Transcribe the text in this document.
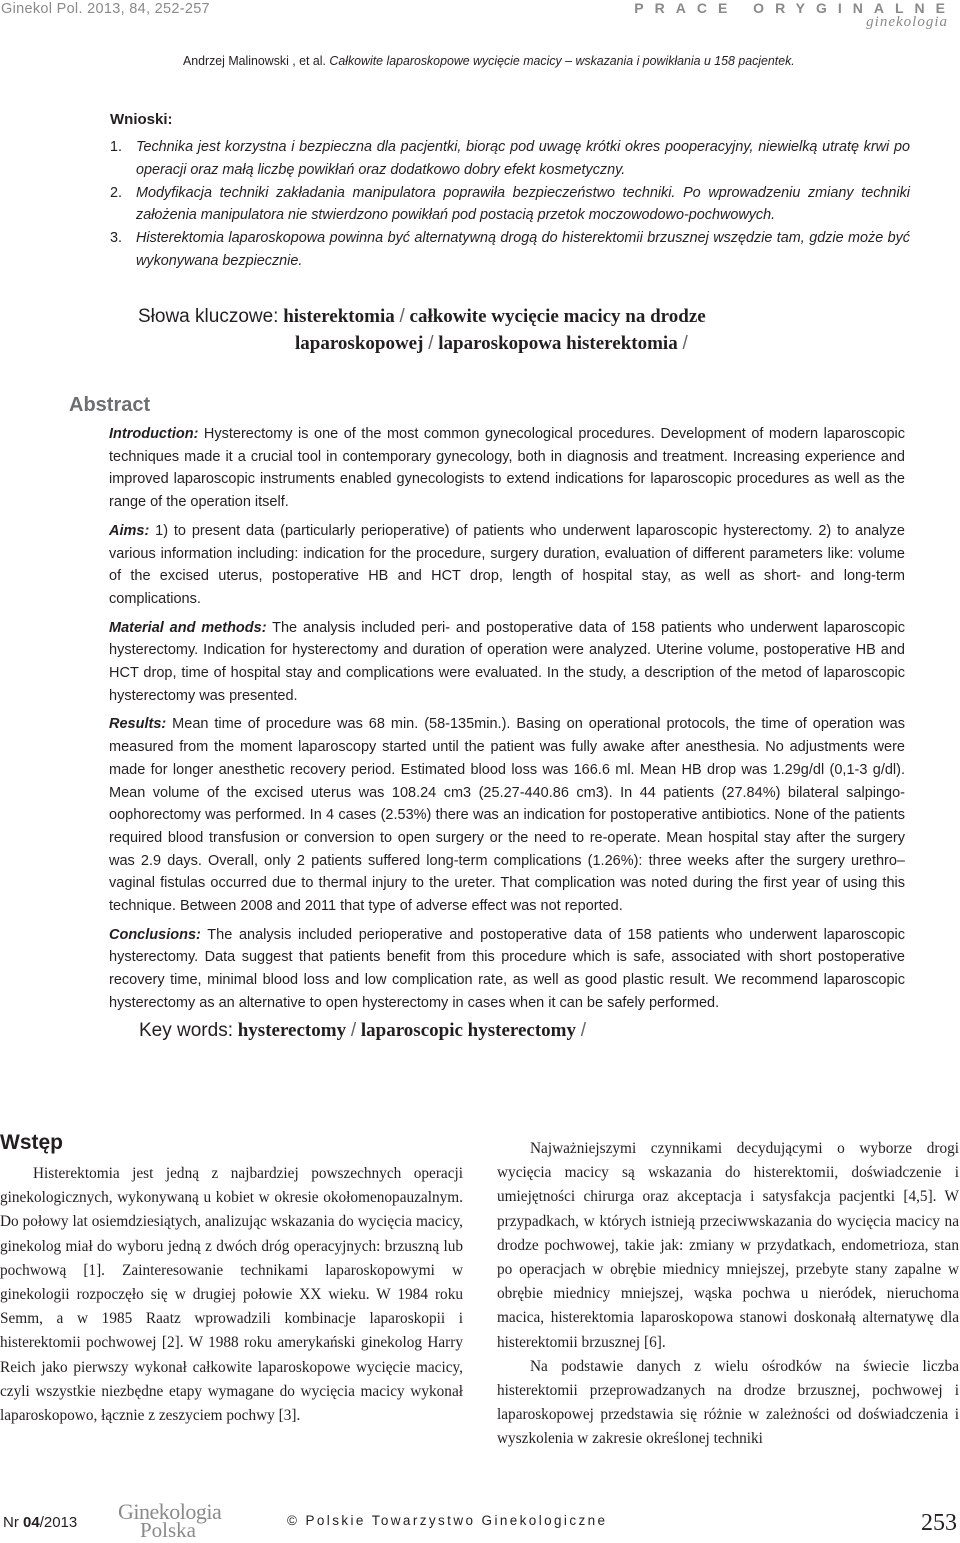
Ginekol Pol. 2013, 84, 252-257	PRACE ORYGINALNE
ginekologia
Andrzej Malinowski , et al. Całkowite laparoskopowe wycięcie macicy – wskazania i powikłania u 158 pacjentek.
Wnioski:

1. Technika jest korzystna i bezpieczna dla pacjentki, biorąc pod uwagę krótki okres pooperacyjny, niewielką utratę krwi po operacji oraz małą liczbę powikłań oraz dodatkowo dobry efekt kosmetyczny.

2. Modyfikacja techniki zakładania manipulatora poprawiła bezpieczeństwo techniki. Po wprowadzeniu zmiany techniki założenia manipulatora nie stwierdzono powikłań pod postacią przetok moczowodowo-pochwowych.

3. Histerektomia laparoskopowa powinna być alternatywną drogą do histerektomii brzusznej wszędzie tam, gdzie może być wykonywana bezpiecznie.

Słowa kluczowe: histerektomia / całkowite wycięcie macicy na drodze
laparoskopowej / laparoskopowa histerektomia /
Abstract

Introduction: Hysterectomy is one of the most common gynecological procedures. Development of modern laparoscopic techniques made it a crucial tool in contemporary gynecology, both in diagnosis and treatment. Increasing experience and improved laparoscopic instruments enabled gynecologists to extend indications for laparoscopic procedures as well as the range of the operation itself.

Aims: 1) to present data (particularly perioperative) of patients who underwent laparoscopic hysterectomy. 2) to analyze various information including: indication for the procedure, surgery duration, evaluation of different parameters like: volume of the excised uterus, postoperative HB and HCT drop, length of hospital stay, as well as short- and long-term complications.

Material and methods: The analysis included peri- and postoperative data of 158 patients who underwent laparoscopic hysterectomy. Indication for hysterectomy and duration of operation were analyzed. Uterine volume, postoperative HB and HCT drop, time of hospital stay and complications were evaluated. In the study, a description of the metod of laparoscopic hysterectomy was presented.

Results: Mean time of procedure was 68 min. (58-135min.). Basing on operational protocols, the time of operation was measured from the moment laparoscopy started until the patient was fully awake after anesthesia. No adjustments were made for longer anesthetic recovery period. Estimated blood loss was 166.6 ml. Mean HB drop was 1.29g/dl (0,1-3 g/dl). Mean volume of the excised uterus was 108.24 cm3 (25.27-440.86 cm3). In 44 patients (27.84%) bilateral salpingo-oophorectomy was performed. In 4 cases (2.53%) there was an indication for postoperative antibiotics. None of the patients required blood transfusion or conversion to open surgery or the need to re-operate. Mean hospital stay after the surgery was 2.9 days. Overall, only 2 patients suffered long-term complications (1.26%): three weeks after the surgery urethro–vaginal fistulas occurred due to thermal injury to the ureter. That complication was noted during the first year of using this technique. Between 2008 and 2011 that type of adverse effect was not reported.

Conclusions: The analysis included perioperative and postoperative data of 158 patients who underwent laparoscopic hysterectomy. Data suggest that patients benefit from this procedure which is safe, associated with short postoperative recovery time, minimal blood loss and low complication rate, as well as good plastic result. We recommend laparoscopic hysterectomy as an alternative to open hysterectomy in cases when it can be safely performed.

Key words: hysterectomy / laparoscopic hysterectomy /
Wstęp

Histerektomia jest jedną z najbardziej powszechnych operacji ginekologicznych, wykonywaną u kobiet w okresie okołomenopauzalnym. Do połowy lat osiemdziesiątych, analizując wskazania do wycięcia macicy, ginekolog miał do wyboru jedną z dwóch dróg operacyjnych: brzuszną lub pochwową [1]. Zainteresowanie technikami laparoskopowymi w ginekologii rozpoczęło się w drugiej połowie XX wieku. W 1984 roku Semm, a w 1985 Raatz wprowadzili kombinacje laparoskopii i histerektomii pochwowej [2]. W 1988 roku amerykański ginekolog Harry Reich jako pierwszy wykonał całkowite laparoskopowe wycięcie macicy, czyli wszystkie niezbędne etapy wymagane do wycięcia macicy wykonał laparoskopowo, łącznie z zeszyciem pochwy [3].

Najważniejszymi czynnikami decydującymi o wyborze drogi wycięcia macicy są wskazania do histerektomii, doświadczenie i umiejętności chirurga oraz akceptacja i satysfakcja pacjentki [4,5]. W przypadkach, w których istnieją przeciwwskazania do wycięcia macicy na drodze pochwowej, takie jak: zmiany w przydatkach, endometrioza, stan po operacjach w obrębie miednicy mniejszej, przebyte stany zapalne w obrębie miednicy mniejszej, wąska pochwa u nieródek, nieruchoma macica, histerektomia laparoskopowa stanowi doskonałą alternatywę dla histerektomii brzusznej [6].

Na podstawie danych z wielu ośrodków na świecie liczba histerektomii przeprowadzanych na drodze brzusznej, pochwowej i laparoskopowej przedstawia się różnie w zależności od doświadczenia i wyszkolenia w zakresie określonej techniki

Nr 04/2013 Ginekologia
Polska	© Polskie Towarzystwo Ginekologiczne	253
